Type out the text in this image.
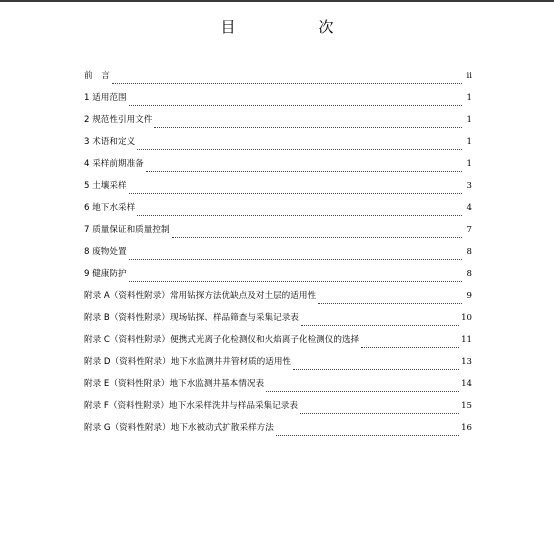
目　次
前　言	ii
1 适用范围	1
2 规范性引用文件	1
3 术语和定义	1
4 采样前期准备	1
5 土壤采样	3
6 地下水采样	4
7 质量保证和质量控制	7
8 废物处置	8
9 健康防护	8
附录 A（资料性附录）常用钻探方法优缺点及对土层的适用性	9
附录 B（资料性附录）现场钻探、样品筛查与采集记录表	10
附录 C（资料性附录）便携式光离子化检测仪和火焰离子化检测仪的选择	11
附录 D（资料性附录）地下水监测井井管材质的适用性	13
附录 E（资料性附录）地下水监测井基本情况表	14
附录 F（资料性附录）地下水采样洗井与样品采集记录表	15
附录 G（资料性附录）地下水被动式扩散采样方法	16
